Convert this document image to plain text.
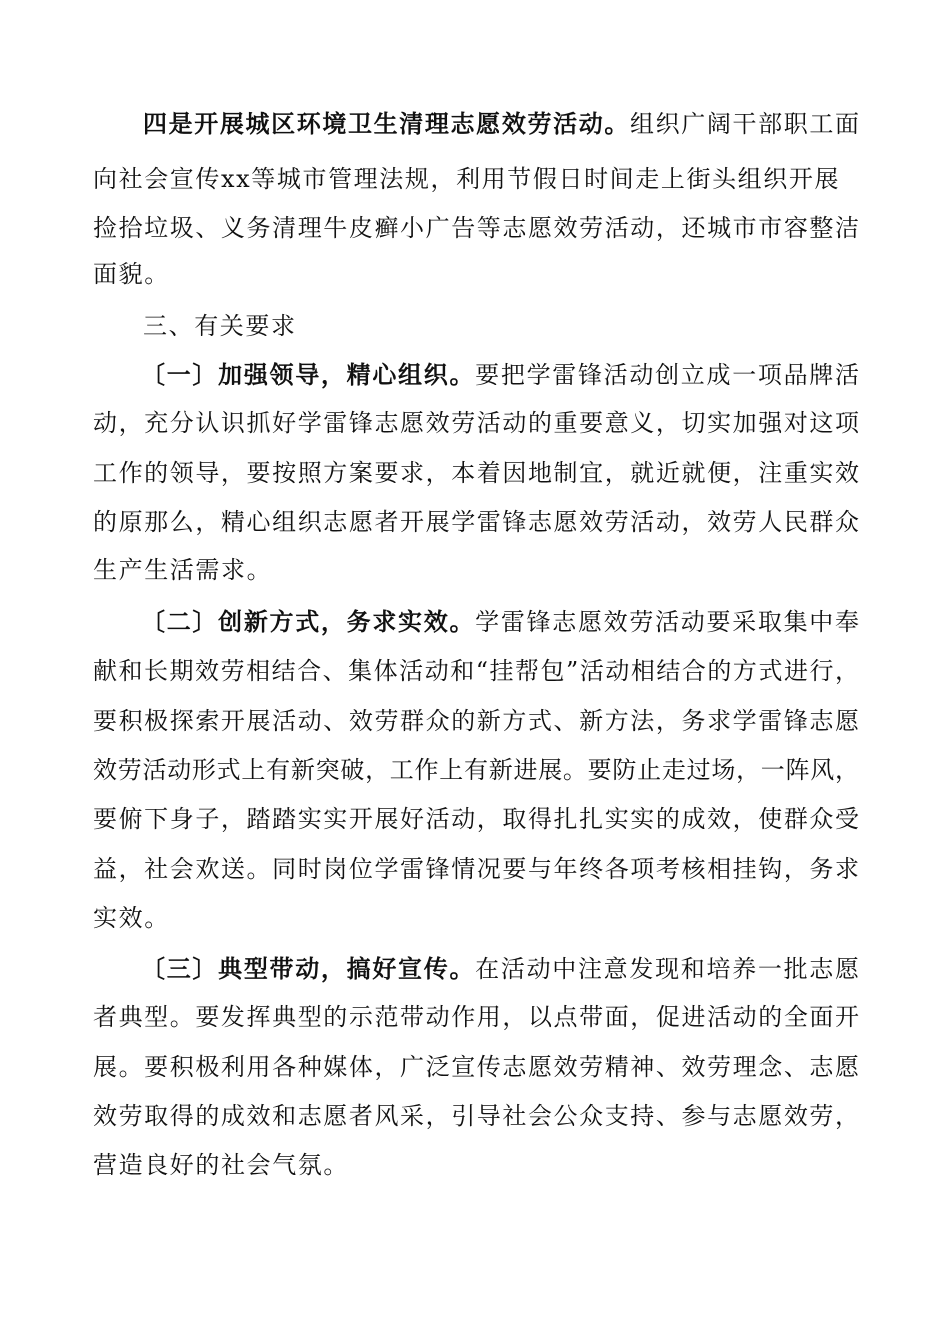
四是开展城区环境卫生清理志愿效劳活动。组织广阔干部职工面
向社会宣传xx等城市管理法规，利用节假日时间走上街头组织开展
捡拾垃圾、义务清理牛皮癣小广告等志愿效劳活动，还城市市容整洁
面貌。
三、有关要求
〔一〕加强领导，精心组织。要把学雷锋活动创立成一项品牌活
动，充分认识抓好学雷锋志愿效劳活动的重要意义，切实加强对这项
工作的领导，要按照方案要求，本着因地制宜，就近就便，注重实效
的原那么，精心组织志愿者开展学雷锋志愿效劳活动，效劳人民群众
生产生活需求。
〔二〕创新方式，务求实效。学雷锋志愿效劳活动要采取集中奉
献和长期效劳相结合、集体活动和“挂帮包”活动相结合的方式进行，
要积极探索开展活动、效劳群众的新方式、新方法，务求学雷锋志愿
效劳活动形式上有新突破，工作上有新进展。要防止走过场，一阵风，
要俯下身子，踏踏实实开展好活动，取得扎扎实实的成效，使群众受
益，社会欢送。同时岗位学雷锋情况要与年终各项考核相挂钩，务求
实效。
〔三〕典型带动，搞好宣传。在活动中注意发现和培养一批志愿
者典型。要发挥典型的示范带动作用，以点带面，促进活动的全面开
展。要积极利用各种媒体，广泛宣传志愿效劳精神、效劳理念、志愿
效劳取得的成效和志愿者风采，引导社会公众支持、参与志愿效劳，
营造良好的社会气氛。
